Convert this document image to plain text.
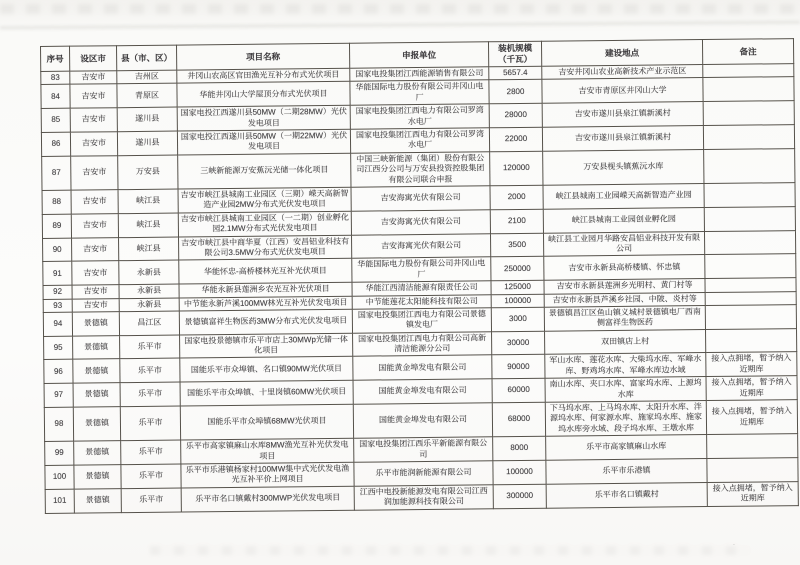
序号	设区市	县（市、区）	项目名称	申报单位	装机规模（千瓦）	建设地点	备注
83	吉安市	吉州区	井冈山农高区官田渔光互补分布式光伏项目	国家电投集团江西能源销售有限公司	5657.4	吉安井冈山农业高新技术产业示范区	
84	吉安市	青原区	华能井冈山大学屋顶分布式光伏项目	华能国际电力股份有限公司井冈山电厂	2800	吉安市青原区井冈山大学	
85	吉安市	遂川县	国家电投江西遂川县50MW（二期28MW）光伏发电项目	国家电投集团江西电力有限公司罗湾水电厂	28000	吉安市遂川县泉江镇新溪村	
86	吉安市	遂川县	国家电投江西遂川县50MW（一期22MW）光伏发电项目	国家电投集团江西电力有限公司罗湾水电厂	22000	吉安市遂川县泉江镇新溪村	
87	吉安市	万安县	三峡新能源万安蕉沅光储一体化项目	中国三峡新能源（集团）股份有限公司江西分公司与万安县投资控股集团有限公司联合申报	120000	万安县枧头镇蕉沅水库	
88	吉安市	峡江县	吉安市峡江县城南工业园区（三期）嵘天高新智造产业园2MW分布式光伏发电项目	吉安海寓光伏有限公司	2000	峡江县城南工业园嵘天高新智造产业园	
89	吉安市	峡江县	吉安市峡江县城南工业园区（一二期）创业孵化园2.1MW分布式光伏发电项目	吉安海寓光伏有限公司	2100	峡江县城南工业园创业孵化园	
90	吉安市	峡江县	吉安市峡江县中商华夏（江西）安昌铝业科技有限公司3.5MW分布式光伏发电项目	吉安海寓光伏有限公司	3500	峡江县工业园月华路安昌铝业科技开发有限公司	
91	吉安市	永新县	华能怀忠-高桥楼林光互补光伏项目	华能国际电力股份有限公司井冈山电厂	250000	吉安市永新县高桥楼镇、怀忠镇	
92	吉安市	永新县	华能永新县莲洲乡农光互补光伏项目	华能江西清洁能源有限责任公司	125000	吉安市永新县莲洲乡光明村、黄门村等	
93	吉安市	永新县	中节能永新芦溪100MW林光互补光伏发电项目	中节能莲花太阳能科技有限公司	100000	吉安市永新县芦溪乡社园、中陂、炎村等	
94	景德镇	昌江区	景德镇富祥生物医药3MW分布式光伏发电项目	国家电投集团江西电力有限公司景德镇发电厂	3000	景德镇昌江区鱼山镇义城村景德镇电厂西南侧富祥生物医药	
95	景德镇	乐平市	国家电投景德镇市乐平市店上30MWp光储一体化项目	国家电投集团江西电力有限公司高新清洁能源分公司	30000	双田镇店上村	
96	景德镇	乐平市	国能乐平市众埠镇、名口镇90MW光伏项目	国能黄金埠发电有限公司	90000	军山水库、莲花水库、大柴坞水库、军峰水库、野鸡坞水库、军峰水库边水域	接入点拥堵，暂予纳入近期库
97	景德镇	乐平市	国能乐平市众埠镇、十里岗镇60MW光伏项目	国能黄金埠发电有限公司	60000	南山水库、夹口水库、富家坞水库、上源坞水库	接入点拥堵，暂予纳入近期库
98	景德镇	乐平市	国能乐平市众埠镇68MW光伏项目	国能黄金埠发电有限公司	68000	下马坞水库、上马坞水库、太阳升水库、泮源坞水库、何家源水库、施家坞水库、施家坞水库旁水域、段子坞水库、王墩水库	接入点拥堵，暂予纳入近期库
99	景德镇	乐平市	乐平市高家镇麻山水库8MW渔光互补光伏发电项目	国家电投集团江西乐平新能源有限公司	8000	乐平市高家镇麻山水库	
100	景德镇	乐平市	乐平市乐港镇杨家村100MW集中式光伏发电渔光互补平价上网项目	乐平市能润新能源有限公司	100000	乐平市乐港镇	
101	景德镇	乐平市	乐平市名口镇戴村300MWP光伏发电项目	江西中电投新能源发电有限公司江西润加能源科技有限公司	300000	乐平市名口镇戴村	接入点拥堵，暂予纳入近期库
.
